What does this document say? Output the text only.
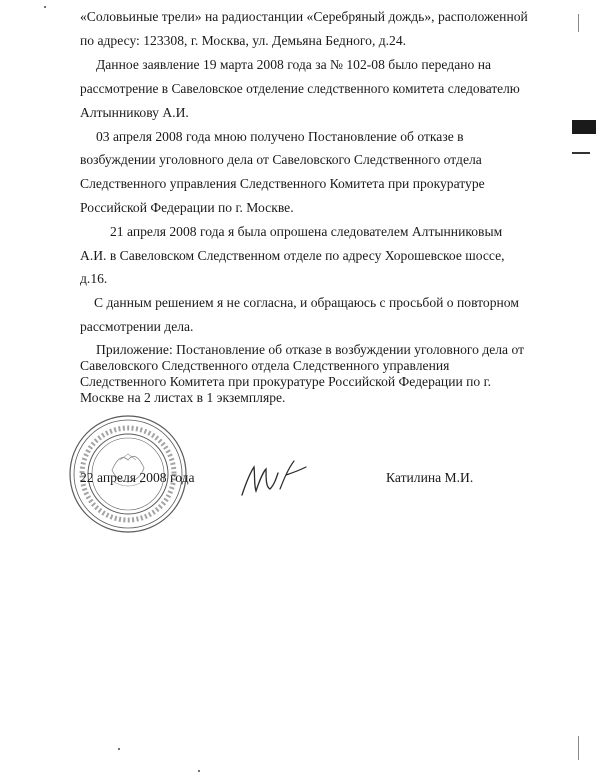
«Соловьиные трели» на радиостанции «Серебряный дождь», расположенной
по адресу: 123308, г. Москва, ул. Демьяна Бедного, д.24.
Данное заявление 19 марта 2008 года за № 102-08 было передано на
рассмотрение в Савеловское отделение следственного комитета следователю
Алтынникову А.И.
03 апреля 2008 года мною получено Постановление об отказе в
возбуждении уголовного дела от Савеловского Следственного отдела
Следственного управления Следственного Комитета при прокуратуре
Российской Федерации по г. Москве.
21 апреля 2008 года я была опрошена следователем Алтынниковым
А.И. в Савеловском Следственном отделе по адресу Хорошевское шоссе,
д.16.
С данным решением я не согласна, и обращаюсь с просьбой о повторном
рассмотрении дела.
Приложение: Постановление об отказе в возбуждении уголовного дела от
Савеловского Следственного отдела Следственного управления
Следственного Комитета при прокуратуре Российской Федерации по г.
Москве на 2 листах в 1 экземпляре.
22 апреля 2008 года	Катилина М.И.
